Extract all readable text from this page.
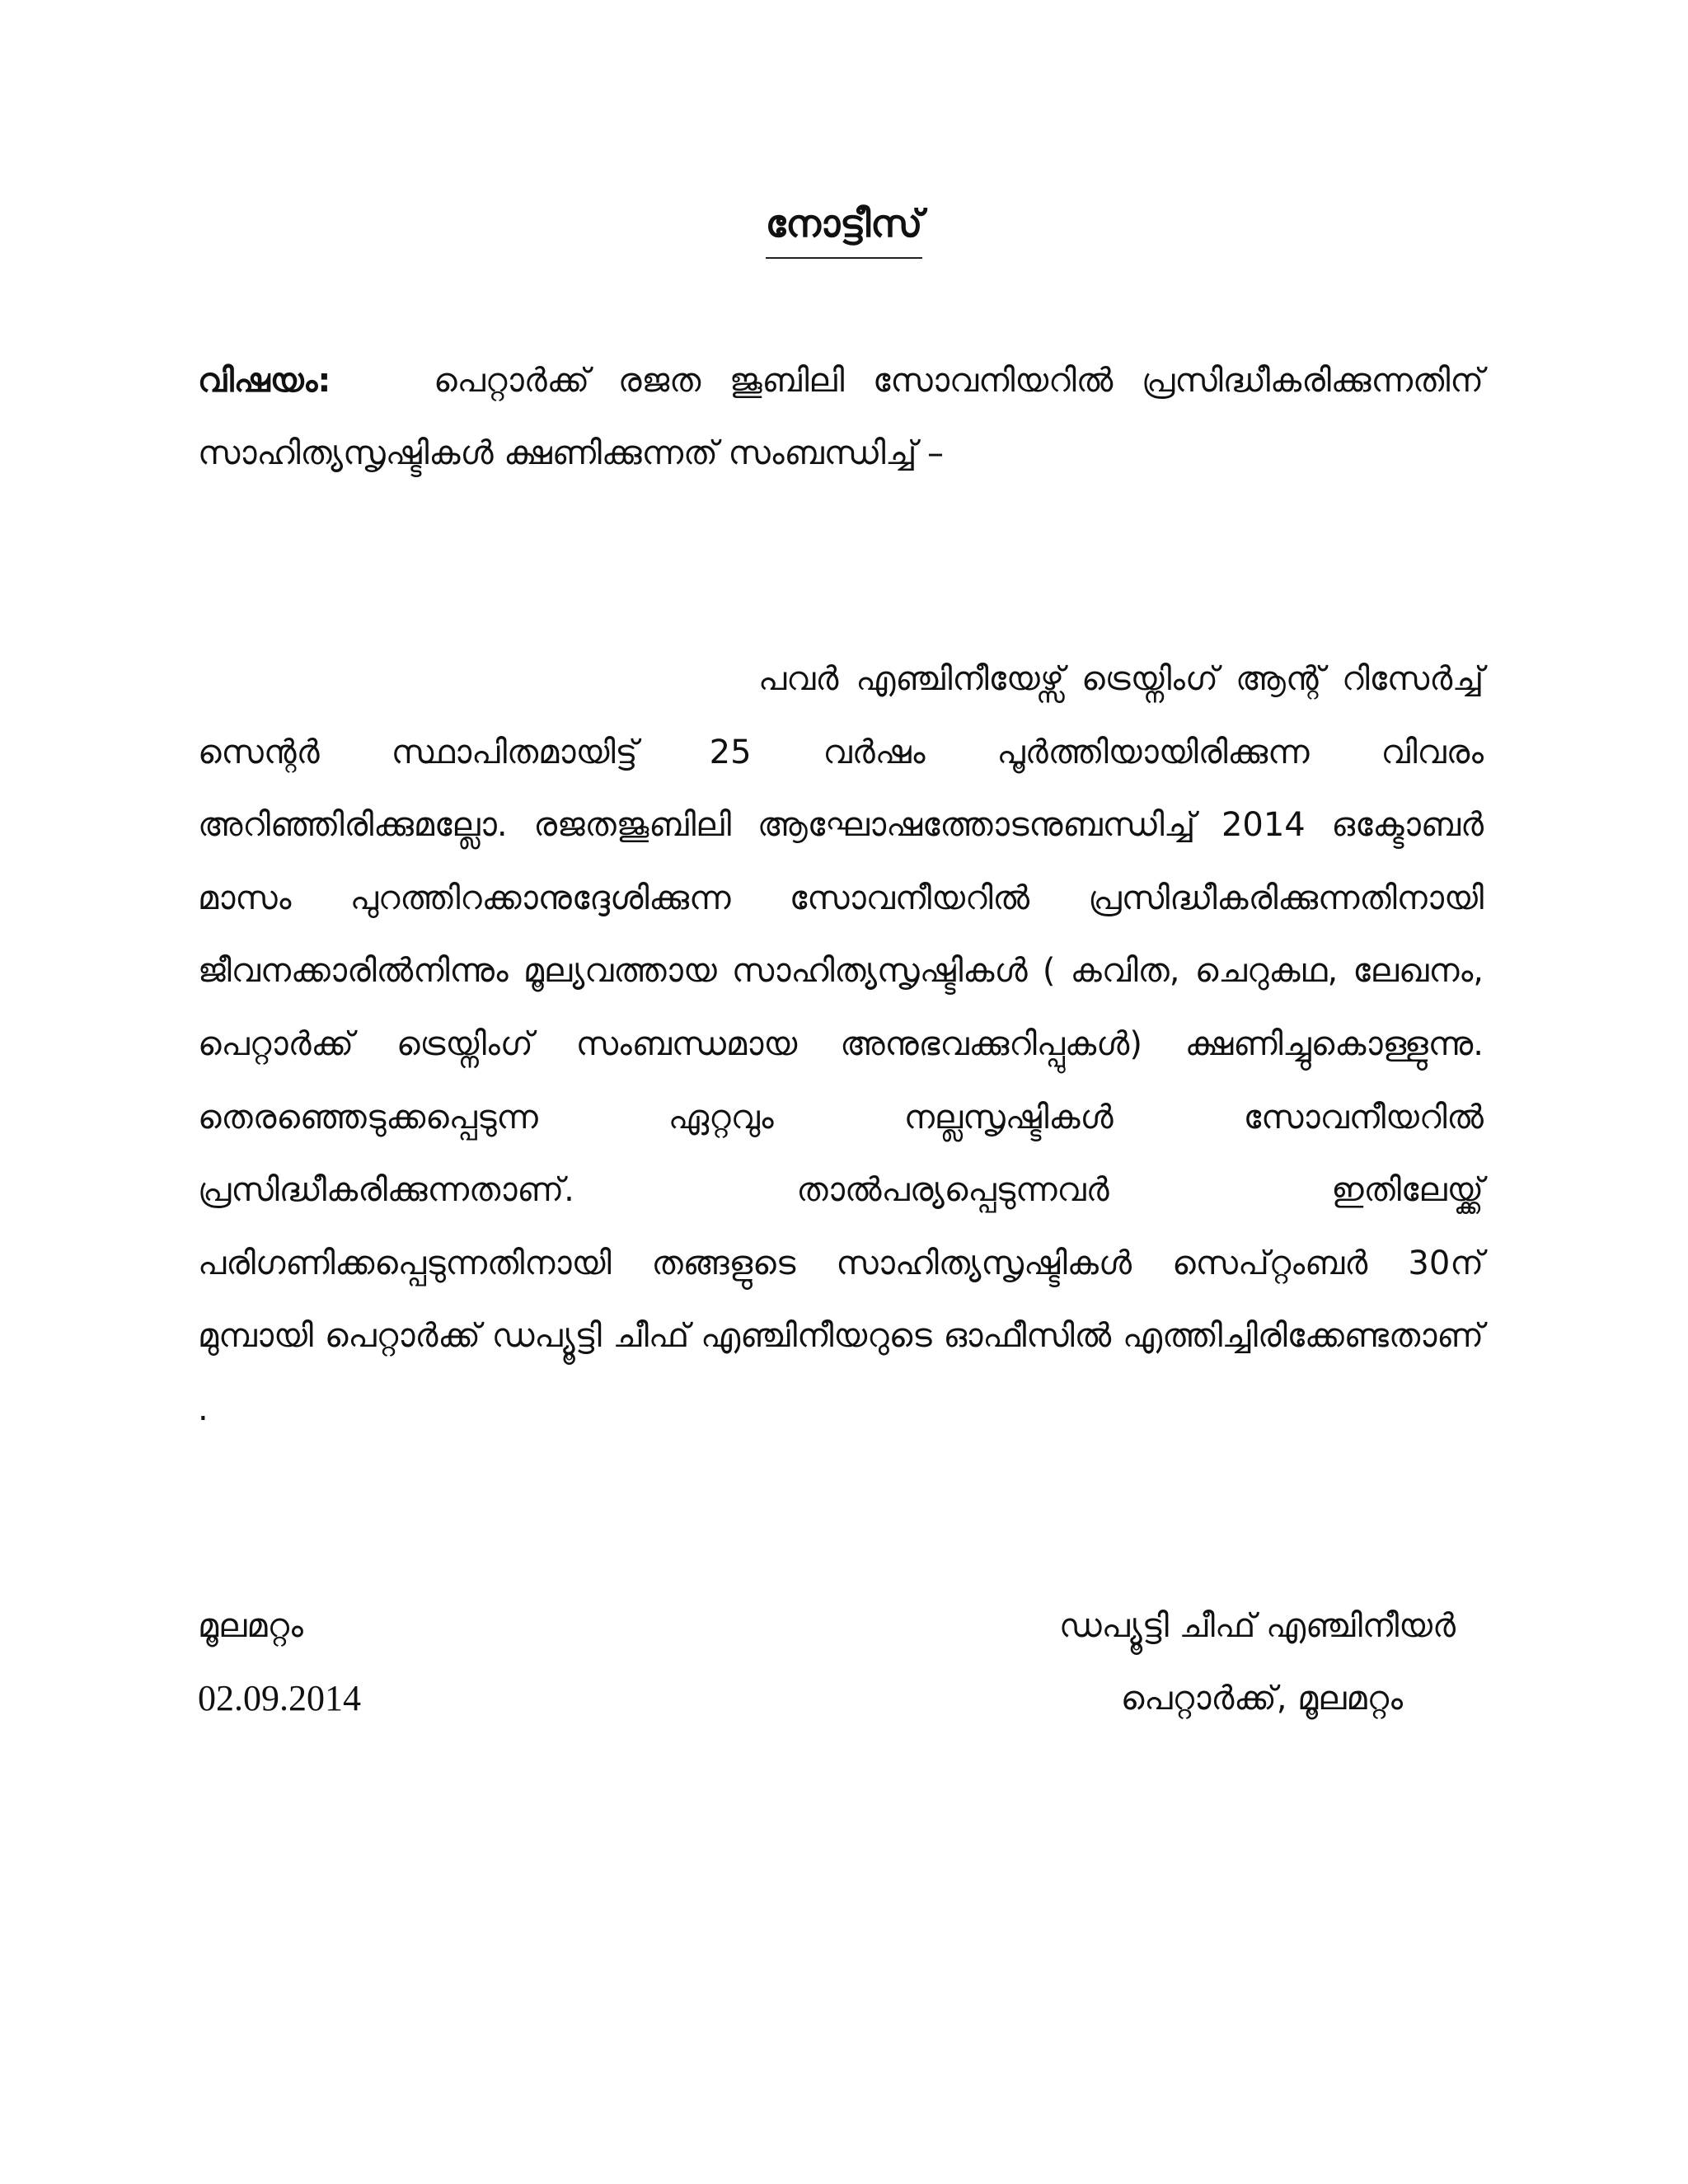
നോട്ടീസ്
വിഷയം:	പെറ്റാർക്ക് രജത ജൂബിലി സോവനിയറിൽ പ്രസിദ്ധീകരിക്കുന്നതിന് സാഹിത്യസൃഷ്ടികൾ ക്ഷണിക്കുന്നത് സംബന്ധിച്ച് –
പവർ എഞ്ചിനീയേഴ്സ് ട്രെയ്നിംഗ് ആന്റ് റിസേർച്ച് സെന്റർ സ്ഥാപിതമായിട്ട് 25 വർഷം പൂർത്തിയായിരിക്കുന്ന വിവരം അറിഞ്ഞിരിക്കുമല്ലോ. രജതജൂബിലി ആഘോഷത്തോടനുബന്ധിച്ച് 2014 ഒക്ടോബർ മാസം പുറത്തിറക്കാനുദ്ദേശിക്കുന്ന സോവനീയറിൽ പ്രസിദ്ധീകരിക്കുന്നതിനായി ജീവനക്കാരിൽനിന്നും മൂല്യവത്തായ സാഹിത്യസൃഷ്ടികൾ ( കവിത, ചെറുകഥ, ലേഖനം, പെറ്റാർക്ക് ട്രെയ്നിംഗ് സംബന്ധമായ അനുഭവക്കുറിപ്പുകൾ) ക്ഷണിച്ചുകൊള്ളുന്നു. തെരഞ്ഞെടുക്കപ്പെടുന്ന ഏറ്റവും നല്ലസൃഷ്ടികൾ സോവനീയറിൽ പ്രസിദ്ധീകരിക്കുന്നതാണ്. താൽപര്യപ്പെടുന്നവർ ഇതിലേയ്ക്ക് പരിഗണിക്കപ്പെടുന്നതിനായി തങ്ങളുടെ സാഹിത്യസൃഷ്ടികൾ സെപ്റ്റംബർ 30ന് മുമ്പായി പെറ്റാർക്ക് ഡപ്യൂട്ടി ചീഫ് എഞ്ചിനീയറുടെ ഓഫീസിൽ എത്തിച്ചിരിക്കേണ്ടതാണ് .
മൂലമറ്റം
02.09.2014
ഡപ്യൂട്ടി ചീഫ് എഞ്ചിനീയർ
പെറ്റാർക്ക്, മൂലമറ്റം
